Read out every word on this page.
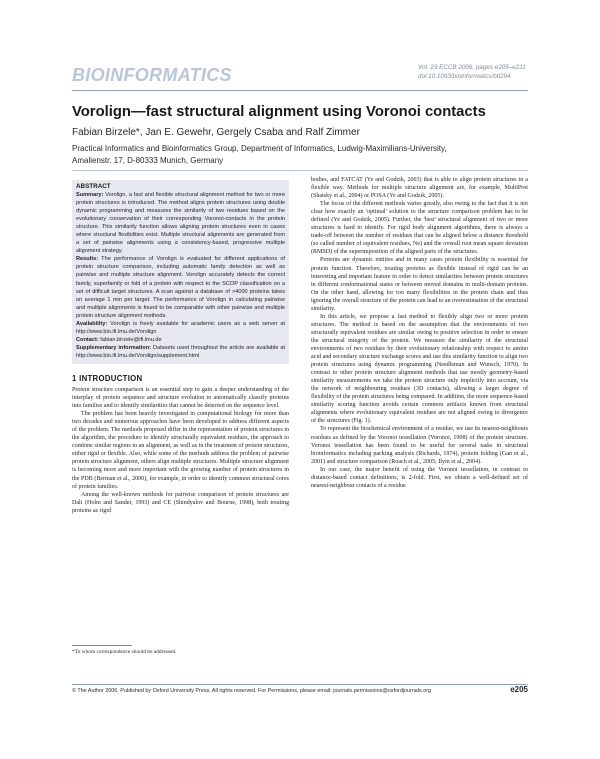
BIOINFORMATICS	Vol. 23 ECCB 2006, pages e205–e211
doi:10.1093/bioinformatics/btl294
Vorolign—fast structural alignment using Voronoi contacts
Fabian Birzele*, Jan E. Gewehr, Gergely Csaba and Ralf Zimmer
Practical Informatics and Bioinformatics Group, Department of Informatics, Ludwig-Maximilians-University,
Amalienstr. 17, D-80333 Munich, Germany
ABSTRACT

Summary: Vorolign, a fast and flexible structural alignment method for two or more protein structures is introduced. The method aligns protein structures using double dynamic programming and measures the similarity of two residues based on the evolutionary conservation of their corresponding Voronoi-contacts in the protein structure. This similarity function allows aligning protein structures even in cases where structural flexibilities exist. Multiple structural alignments are generated from a set of pairwise alignments using a consistency-based, progressive multiple alignment strategy.

Results: The performance of Vorolign is evaluated for different applications of protein structure comparison, including automatic family detection as well as pairwise and multiple structure alignment. Vorolign accurately detects the correct family, superfamily or fold of a protein with respect to the SCOP classification on a set of difficult target structures. A scan against a database of >4000 proteins takes on average 1 min per target. The performance of Vorolign in calculating pairwise and multiple alignments is found to be comparable with other pairwise and multiple protein structure alignment methods.

Availability: Vorolign is freely available for academic users as a web server at http://www.bio.ifi.lmu.de/Vorolign

Contact: fabian.birzele@ifi.lmu.de

Supplementary information: Datasets used throughout the article are available at http://www.bio.ifi.lmu.de/Vorolign/supplement.html

1 INTRODUCTION

Protein structure comparison is an essential step to gain a deeper understanding of the interplay of protein sequence and structure evolution to automatically classify proteins into families and to identify similarities that cannot be detected on the sequence level.

The problem has been heavily investigated in computational biology for more than two decades and numerous approaches have been developed to address different aspects of the problem. The methods proposed differ in the representation of protein structures in the algorithm, the procedure to identify structurally equivalent residues, the approach to combine similar regions to an alignment, as well as in the treatment of protein structures, either rigid or flexible. Also, while some of the methods address the problem of pairwise protein structure alignment, others align multiple structures. Multiple structure alignment is becoming more and more important with the growing number of protein structures in the PDB (Berman et al., 2000), for example, in order to identify common structural cores of protein families.

Among the well-known methods for pairwise comparison of protein structures are Dali (Holm and Sander, 1993) and CE (Shindyalov and Bourne, 1998), both treating proteins as rigid

bodies, and FATCAT (Ye and Godzik, 2003) that is able to align protein structures in a flexible way. Methods for multiple structure alignment are, for example, MultiProt (Shatsky et al., 2004) or POSA (Ye and Godzik, 2005).

The focus of the different methods varies greatly, also owing to the fact that it is not clear how exactly an 'optimal' solution to the structure comparison problem has to be defined (Ye and Godzik, 2005). Further, the 'best' structural alignment of two or more structures is hard to identify. For rigid body alignment algorithms, there is always a trade-off between the number of residues that can be aligned below a distance threshold (so called number of equivalent residues, Ne) and the overall root mean square deviation (RMSD) of the superimposition of the aligned parts of the structures.

Proteins are dynamic entities and in many cases protein flexibility is essential for protein function. Therefore, treating proteins as flexible instead of rigid can be an interesting and important feature in order to detect similarities between protein structures in different conformational states or between moved domains in multi-domain proteins. On the other hand, allowing for too many flexibilities in the protein chain and thus ignoring the overall structure of the protein can lead to an overestimation of the structural similarity.

In this article, we propose a fast method to flexibly align two or more protein structures. The method is based on the assumption that the environments of two structurally equivalent residues are similar owing to positive selection in order to ensure the structural integrity of the protein. We measure the similarity of the structural environments of two residues by their evolutionary relationship with respect to amino acid and secondary structure exchange scores and use this similarity function to align two protein structures using dynamic programming (Needleman and Wunsch, 1970). In contrast to other protein structure alignment methods that use mostly geometry-based similarity measurements we take the protein structure only implicitly into account, via the network of neighbouring residues (3D contacts), allowing a larger degree of flexibility of the protein structures being compared. In addition, the more sequence-based similarity scoring function avoids certain common artifacts known from structural alignments where evolutionary equivalent residues are not aligned owing to divergence of the structures (Fig. 1).

To represent the biochemical environment of a residue, we use its nearest-neighbours residues as defined by the Voronoi tessellation (Voronoi, 1908) of the protein structure. Voronoi tessellation has been found to be useful for several tasks in structural bioinformatics including packing analysis (Richards, 1974), protein folding (Gan et al., 2001) and structure comparison (Roach et al., 2005; Ilyin et al., 2004).

In our case, the major benefit of using the Voronoi tessellation, in contrast to distance-based contact definitions, is 2-fold. First, we obtain a well-defined set of nearest-neighbour contacts of a residue

*To whom correspondence should be addressed.
© The Author 2006. Published by Oxford University Press. All rights reserved. For Permissions, please email: journals.permissions@oxfordjournals.org	e205
